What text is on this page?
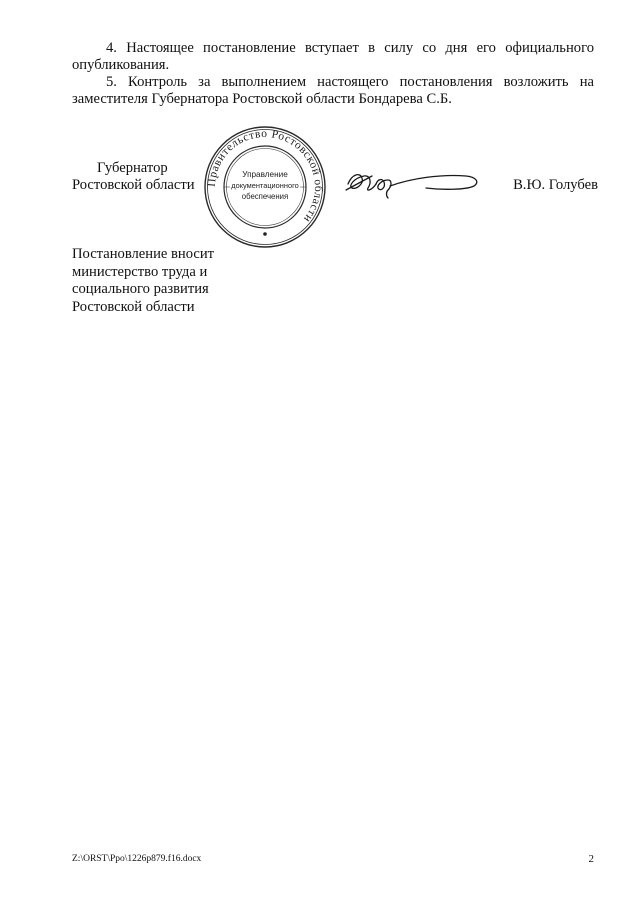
4. Настоящее постановление вступает в силу со дня его официального опубликования.

5. Контроль за выполнением настоящего постановления возложить на заместителя Губернатора Ростовской области Бондарева С.Б.

Губернатор
Ростовской области Правительство Ростовской области
Управление
документационного
обеспечения
В.Ю. Голубев
Постановление вносит
министерство труда и
социального развития
Ростовской области
Z:\ORST\Ppo\1226p879.f16.docx	2
